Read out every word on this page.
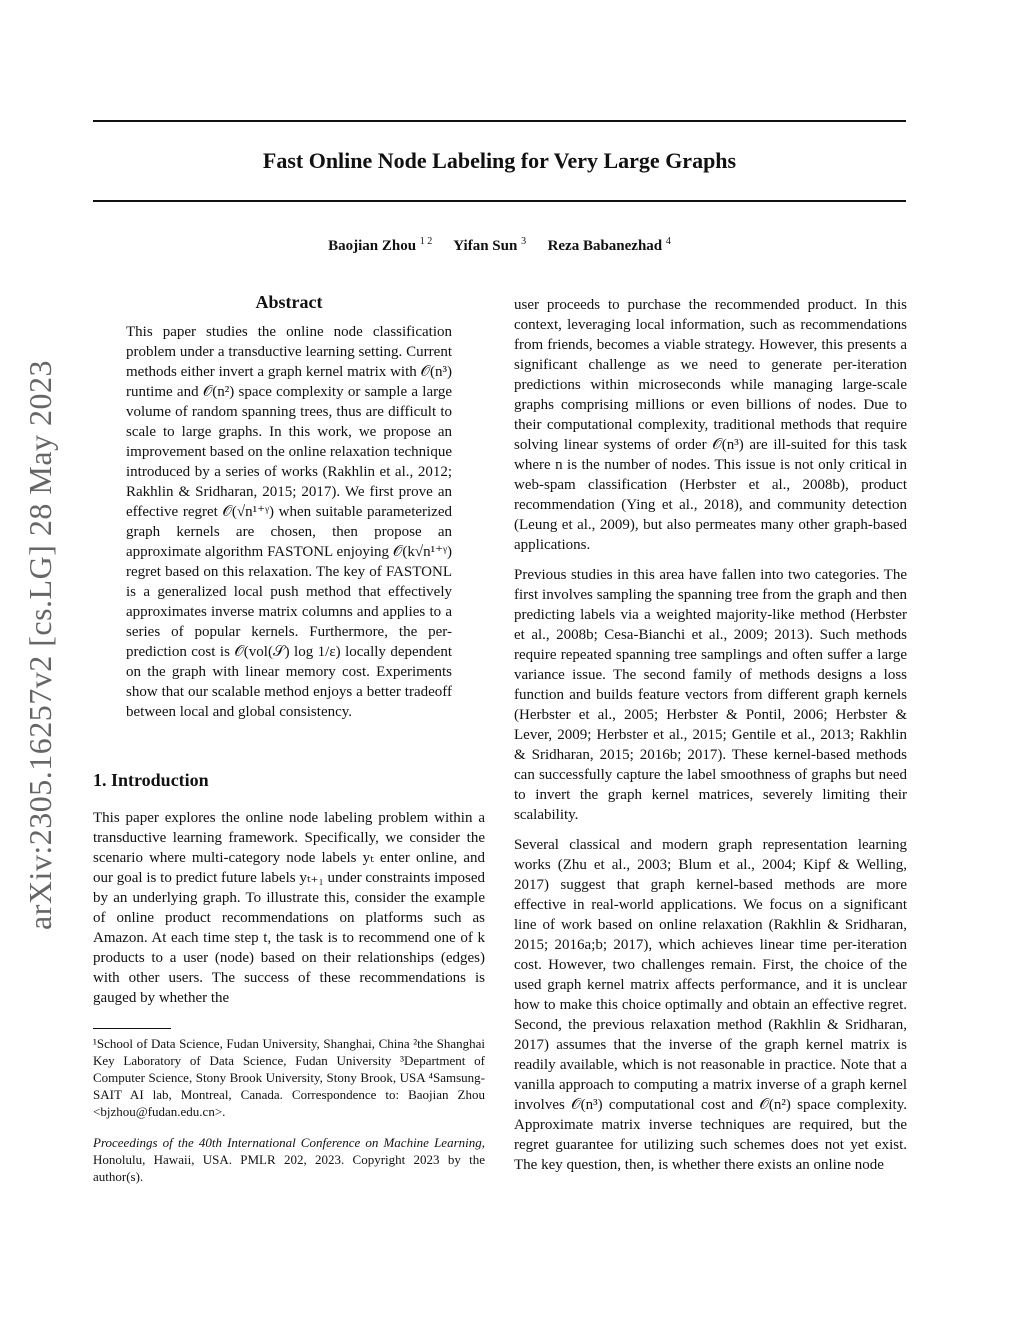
arXiv:2305.16257v2 [cs.LG] 28 May 2023
Fast Online Node Labeling for Very Large Graphs
Baojian Zhou $^{1 2}$ Yifan Sun $^3$ Reza Babanezhad $^4$
Abstract

This paper studies the online node classification problem under a transductive learning setting. Current methods either invert a graph kernel matrix with 𝒪(n³) runtime and 𝒪(n²) space complexity or sample a large volume of random spanning trees, thus are difficult to scale to large graphs. In this work, we propose an improvement based on the online relaxation technique introduced by a series of works (Rakhlin et al., 2012; Rakhlin & Sridharan, 2015; 2017). We first prove an effective regret 𝒪(√n¹⁺ᵞ) when suitable parameterized graph kernels are chosen, then propose an approximate algorithm FASTONL enjoying 𝒪(k√n¹⁺ᵞ) regret based on this relaxation. The key of FASTONL is a generalized local push method that effectively approximates inverse matrix columns and applies to a series of popular kernels. Furthermore, the per-prediction cost is 𝒪(vol(𝒮) log 1/ε) locally dependent on the graph with linear memory cost. Experiments show that our scalable method enjoys a better tradeoff between local and global consistency.

1. Introduction

This paper explores the online node labeling problem within a transductive learning framework. Specifically, we consider the scenario where multi-category node labels yₜ enter online, and our goal is to predict future labels yₜ₊₁ under constraints imposed by an underlying graph. To illustrate this, consider the example of online product recommendations on platforms such as Amazon. At each time step t, the task is to recommend one of k products to a user (node) based on their relationships (edges) with other users. The success of these recommendations is gauged by whether the

¹School of Data Science, Fudan University, Shanghai, China ²the Shanghai Key Laboratory of Data Science, Fudan University ³Department of Computer Science, Stony Brook University, Stony Brook, USA ⁴Samsung-SAIT AI lab, Montreal, Canada. Correspondence to: Baojian Zhou <bjzhou@fudan.edu.cn>.
Proceedings of the 40th International Conference on Machine Learning, Honolulu, Hawaii, USA. PMLR 202, 2023. Copyright 2023 by the author(s).

user proceeds to purchase the recommended product. In this context, leveraging local information, such as recommendations from friends, becomes a viable strategy. However, this presents a significant challenge as we need to generate per-iteration predictions within microseconds while managing large-scale graphs comprising millions or even billions of nodes. Due to their computational complexity, traditional methods that require solving linear systems of order 𝒪(n³) are ill-suited for this task where n is the number of nodes. This issue is not only critical in web-spam classification (Herbster et al., 2008b), product recommendation (Ying et al., 2018), and community detection (Leung et al., 2009), but also permeates many other graph-based applications.

Previous studies in this area have fallen into two categories. The first involves sampling the spanning tree from the graph and then predicting labels via a weighted majority-like method (Herbster et al., 2008b; Cesa-Bianchi et al., 2009; 2013). Such methods require repeated spanning tree samplings and often suffer a large variance issue. The second family of methods designs a loss function and builds feature vectors from different graph kernels (Herbster et al., 2005; Herbster & Pontil, 2006; Herbster & Lever, 2009; Herbster et al., 2015; Gentile et al., 2013; Rakhlin & Sridharan, 2015; 2016b; 2017). These kernel-based methods can successfully capture the label smoothness of graphs but need to invert the graph kernel matrices, severely limiting their scalability.

Several classical and modern graph representation learning works (Zhu et al., 2003; Blum et al., 2004; Kipf & Welling, 2017) suggest that graph kernel-based methods are more effective in real-world applications. We focus on a significant line of work based on online relaxation (Rakhlin & Sridharan, 2015; 2016a;b; 2017), which achieves linear time per-iteration cost. However, two challenges remain. First, the choice of the used graph kernel matrix affects performance, and it is unclear how to make this choice optimally and obtain an effective regret. Second, the previous relaxation method (Rakhlin & Sridharan, 2017) assumes that the inverse of the graph kernel matrix is readily available, which is not reasonable in practice. Note that a vanilla approach to computing a matrix inverse of a graph kernel involves 𝒪(n³) computational cost and 𝒪(n²) space complexity. Approximate matrix inverse techniques are required, but the regret guarantee for utilizing such schemes does not yet exist. The key question, then, is whether there exists an online node
